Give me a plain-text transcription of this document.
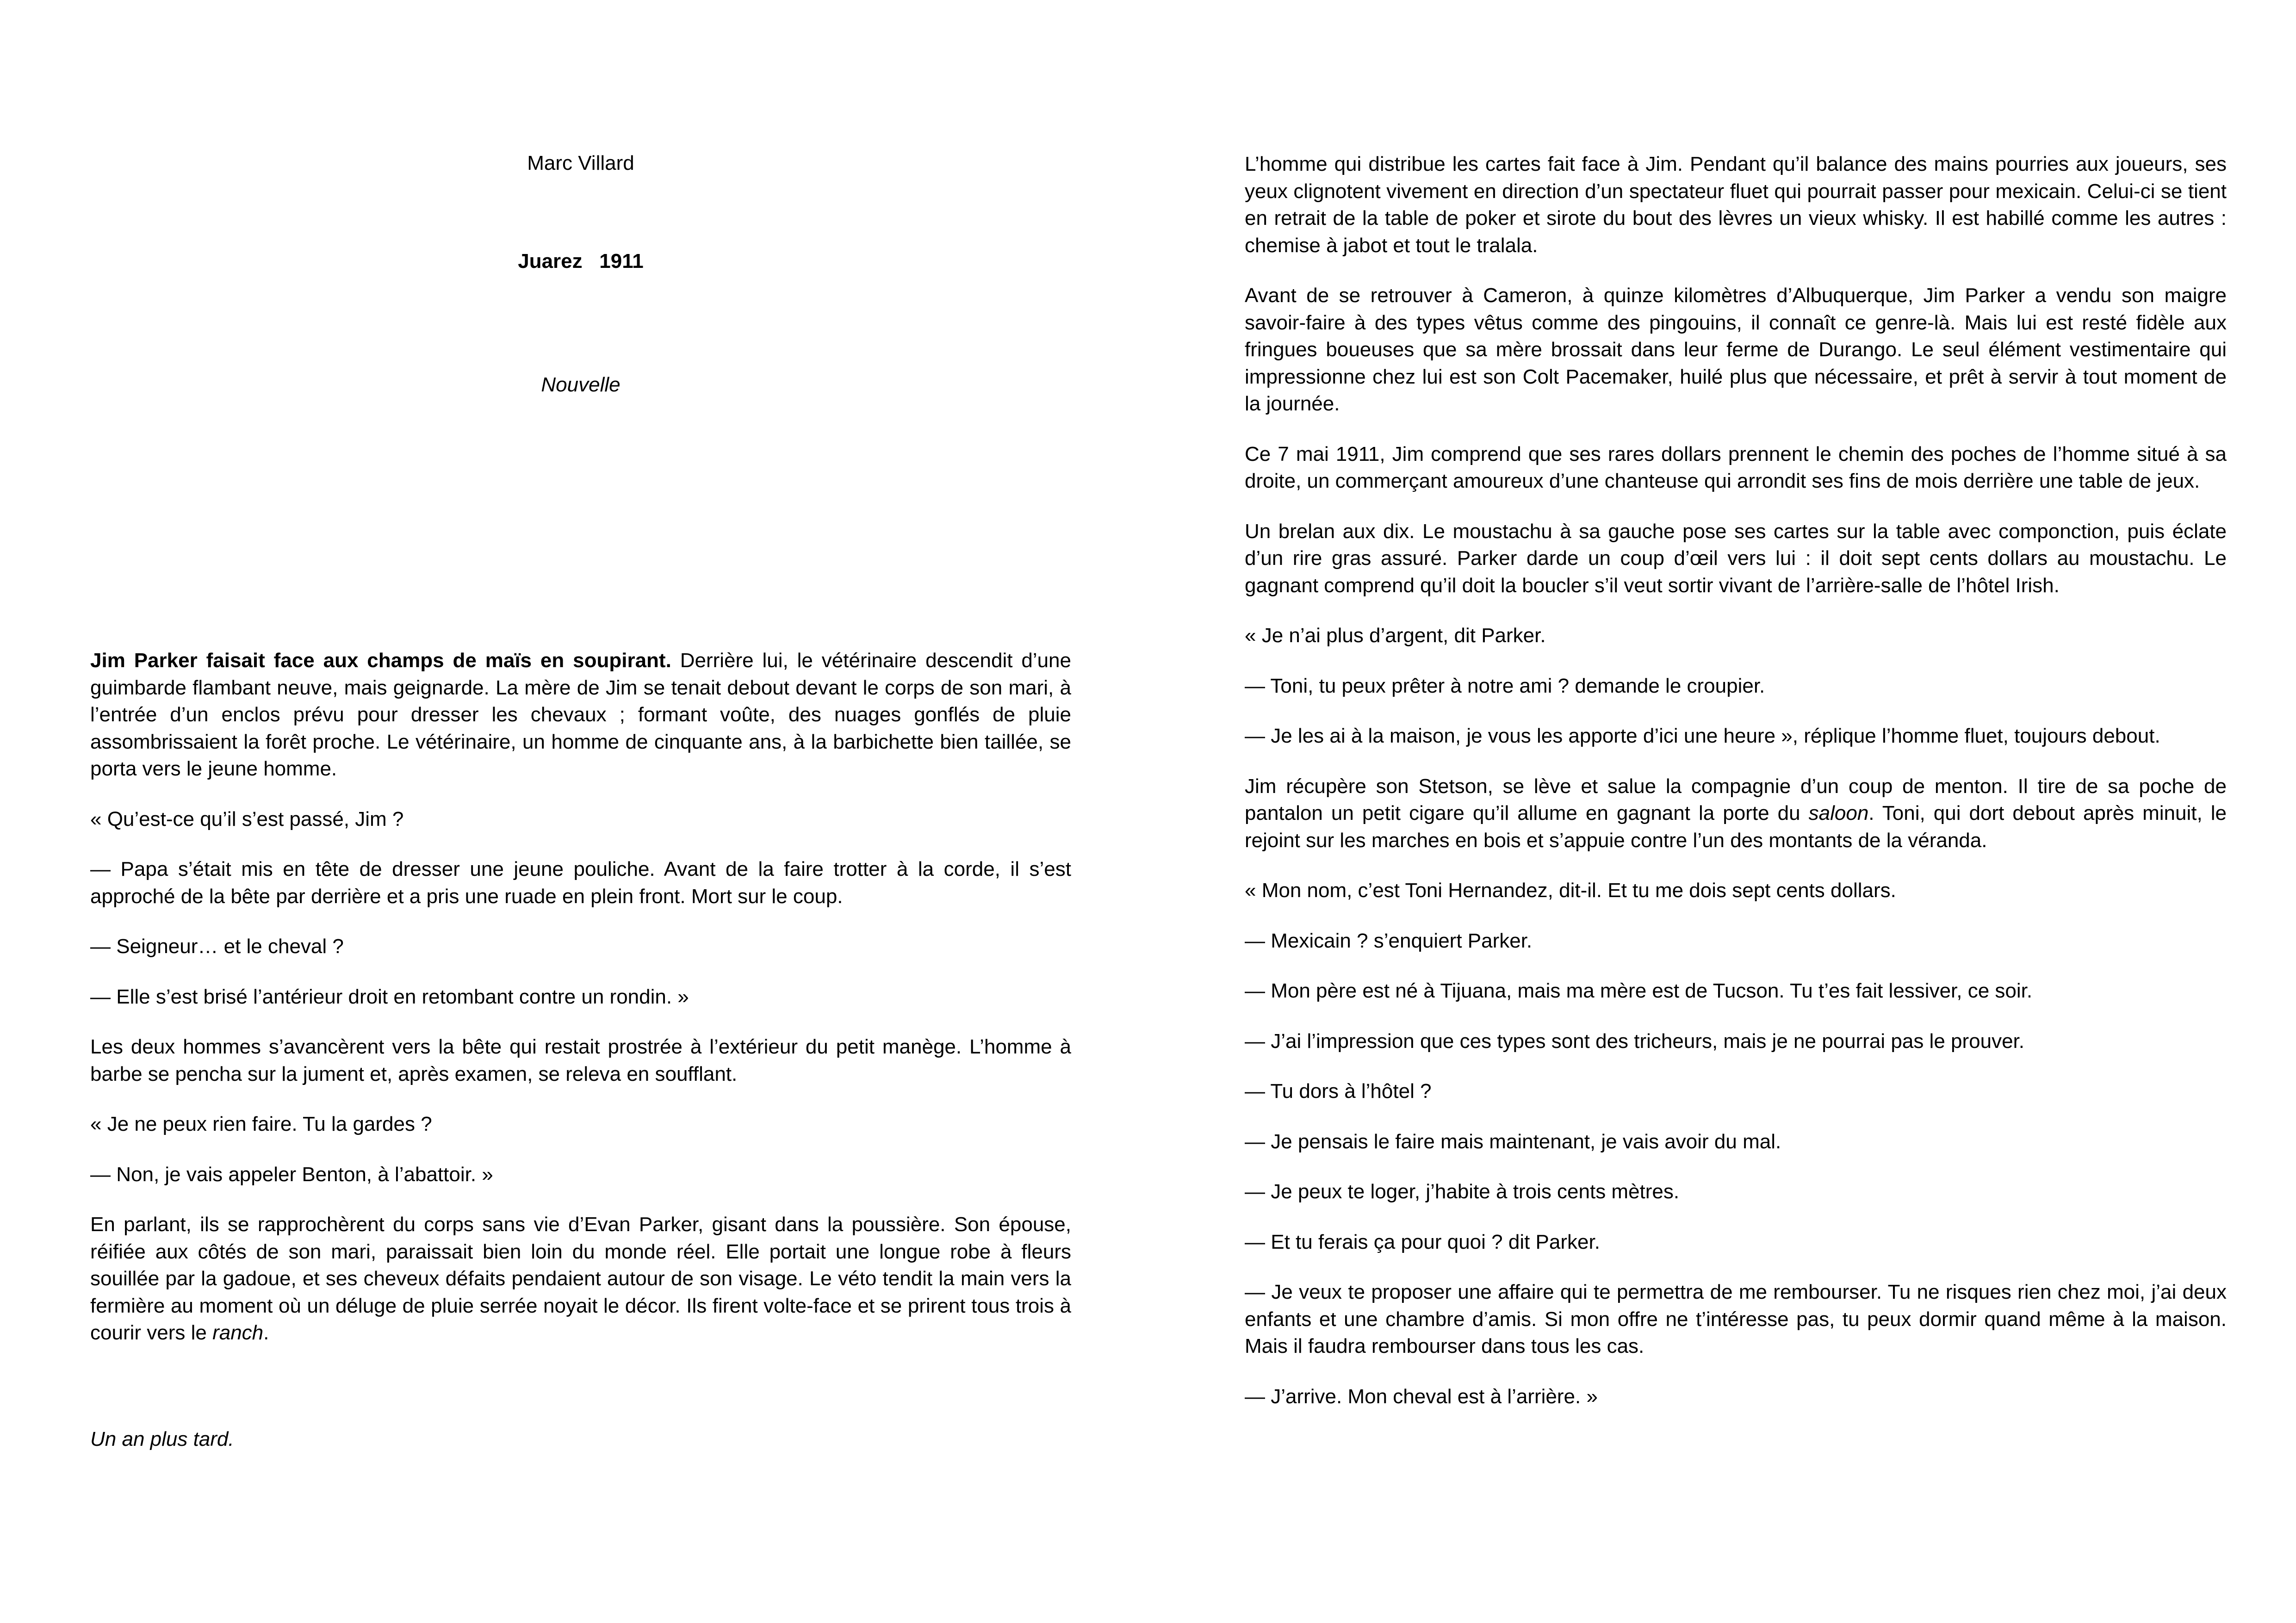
Marc Villard

Juarez   1911

Nouvelle

Jim Parker faisait face aux champs de maïs en soupirant. Derrière lui, le vétérinaire descendit d’une guimbarde flambant neuve, mais geignarde. La mère de Jim se tenait debout devant le corps de son mari, à l’entrée d’un enclos prévu pour dresser les chevaux ; formant voûte, des nuages gonflés de pluie assombrissaient la forêt proche. Le vétérinaire, un homme de cinquante ans, à la barbichette bien taillée, se porta vers le jeune homme.

« Qu’est-ce qu’il s’est passé, Jim ?

— Papa s’était mis en tête de dresser une jeune pouliche. Avant de la faire trotter à la corde, il s’est approché de la bête par derrière et a pris une ruade en plein front. Mort sur le coup.

— Seigneur… et le cheval ?

— Elle s’est brisé l’antérieur droit en retombant contre un rondin. »

Les deux hommes s’avancèrent vers la bête qui restait prostrée à l’extérieur du petit manège. L’homme à barbe se pencha sur la jument et, après examen, se releva en soufflant.

« Je ne peux rien faire. Tu la gardes ?

— Non, je vais appeler Benton, à l’abattoir. »

En parlant, ils se rapprochèrent du corps sans vie d’Evan Parker, gisant dans la poussière. Son épouse, réifiée aux côtés de son mari, paraissait bien loin du monde réel. Elle portait une longue robe à fleurs souillée par la gadoue, et ses cheveux défaits pendaient autour de son visage. Le véto tendit la main vers la fermière au moment où un déluge de pluie serrée noyait le décor. Ils firent volte-face et se prirent tous trois à courir vers le ranch.

Un an plus tard.

L’homme qui distribue les cartes fait face à Jim. Pendant qu’il balance des mains pourries aux joueurs, ses yeux clignotent vivement en direction d’un spectateur fluet qui pourrait passer pour mexicain. Celui-ci se tient en retrait de la table de poker et sirote du bout des lèvres un vieux whisky. Il est habillé comme les autres : chemise à jabot et tout le tralala.

Avant de se retrouver à Cameron, à quinze kilomètres d’Albuquerque, Jim Parker a vendu son maigre savoir-faire à des types vêtus comme des pingouins, il connaît ce genre-là. Mais lui est resté fidèle aux fringues boueuses que sa mère brossait dans leur ferme de Durango. Le seul élément vestimentaire qui impressionne chez lui est son Colt Pacemaker, huilé plus que nécessaire, et prêt à servir à tout moment de la journée.

Ce 7 mai 1911, Jim comprend que ses rares dollars prennent le chemin des poches de l’homme situé à sa droite, un commerçant amoureux d’une chanteuse qui arrondit ses fins de mois derrière une table de jeux.

Un brelan aux dix. Le moustachu à sa gauche pose ses cartes sur la table avec componction, puis éclate d’un rire gras assuré. Parker darde un coup d’œil vers lui : il doit sept cents dollars au moustachu. Le gagnant comprend qu’il doit la boucler s’il veut sortir vivant de l’arrière-salle de l’hôtel Irish.

« Je n’ai plus d’argent, dit Parker.

— Toni, tu peux prêter à notre ami ? demande le croupier.

— Je les ai à la maison, je vous les apporte d’ici une heure », réplique l’homme fluet, toujours debout.

Jim récupère son Stetson, se lève et salue la compagnie d’un coup de menton. Il tire de sa poche de pantalon un petit cigare qu’il allume en gagnant la porte du saloon. Toni, qui dort debout après minuit, le rejoint sur les marches en bois et s’appuie contre l’un des montants de la véranda.

« Mon nom, c’est Toni Hernandez, dit-il. Et tu me dois sept cents dollars.

— Mexicain ? s’enquiert Parker.

— Mon père est né à Tijuana, mais ma mère est de Tucson. Tu t’es fait lessiver, ce soir.

— J’ai l’impression que ces types sont des tricheurs, mais je ne pourrai pas le prouver.

— Tu dors à l’hôtel ?

— Je pensais le faire mais maintenant, je vais avoir du mal.

— Je peux te loger, j’habite à trois cents mètres.

— Et tu ferais ça pour quoi ? dit Parker.

— Je veux te proposer une affaire qui te permettra de me rembourser. Tu ne risques rien chez moi, j’ai deux enfants et une chambre d’amis. Si mon offre ne t’intéresse pas, tu peux dormir quand même à la maison. Mais il faudra rembourser dans tous les cas.

— J’arrive. Mon cheval est à l’arrière. »
